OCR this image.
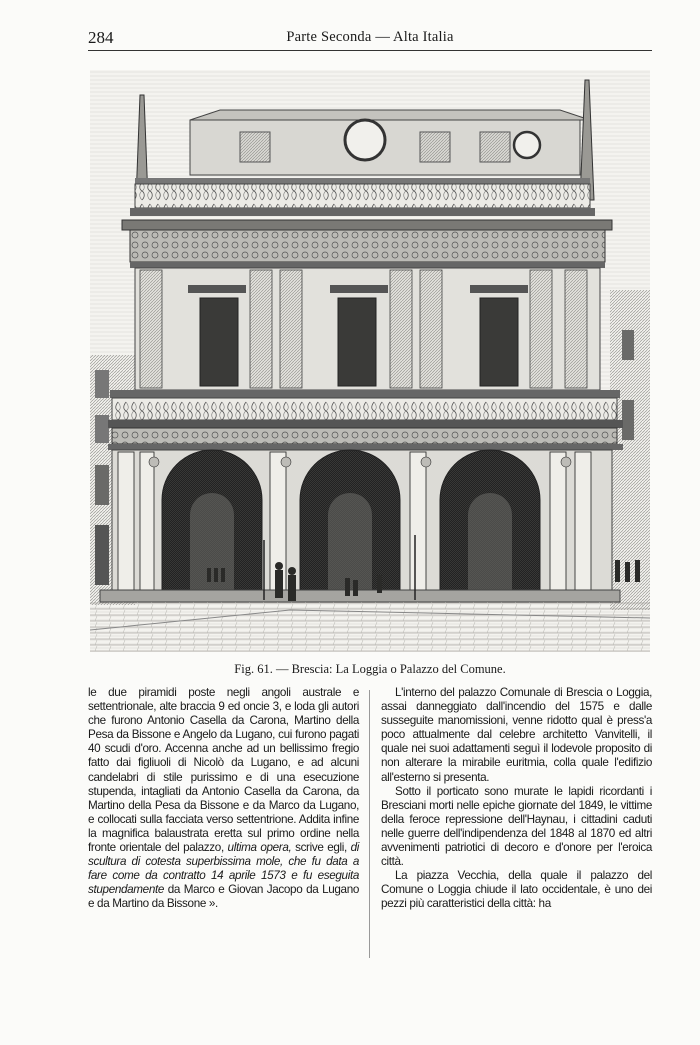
284	Parte Seconda — Alta Italia
Fig. 61. — Brescia: La Loggia o Palazzo del Comune.

le due piramidi poste negli angoli australe e settentrionale, alte braccia 9 ed oncie 3, e loda gli autori che furono Antonio Casella da Carona, Martino della Pesa da Bissone e Angelo da Lugano, cui furono pagati 40 scudi d'oro. Accenna anche ad un bellissimo fregio fatto dai figliuoli di Nicolò da Lugano, e ad alcuni candelabri di stile purissimo e di una esecuzione stupenda, intagliati da Antonio Casella da Carona, da Martino della Pesa da Bissone e da Marco da Lugano, e collocati sulla facciata verso settentrione. Addita infine la magnifica balaustrata eretta sul primo ordine nella fronte orientale del palazzo, ultima opera, scrive egli, di scultura di cotesta superbissima mole, che fu data a fare come da contratto 14 aprile 1573 e fu eseguita stupendamente da Marco e Giovan Jacopo da Lugano e da Martino da Bissone ».

L'interno del palazzo Comunale di Brescia o Loggia, assai danneggiato dall'incendio del 1575 e dalle susseguite manomissioni, venne ridotto qual è press'a poco attualmente dal celebre architetto Vanvitelli, il quale nei suoi adattamenti seguì il lodevole proposito di non alterare la mirabile euritmia, colla quale l'edifizio all'esterno si presenta.

Sotto il porticato sono murate le lapidi ricordanti i Bresciani morti nelle epiche giornate del 1849, le vittime della feroce repressione dell'Haynau, i cittadini caduti nelle guerre dell'indipendenza del 1848 al 1870 ed altri avvenimenti patriotici di decoro e d'onore per l'eroica città.

La piazza Vecchia, della quale il palazzo del Comune o Loggia chiude il lato occidentale, è uno dei pezzi più caratteristici della città: ha
